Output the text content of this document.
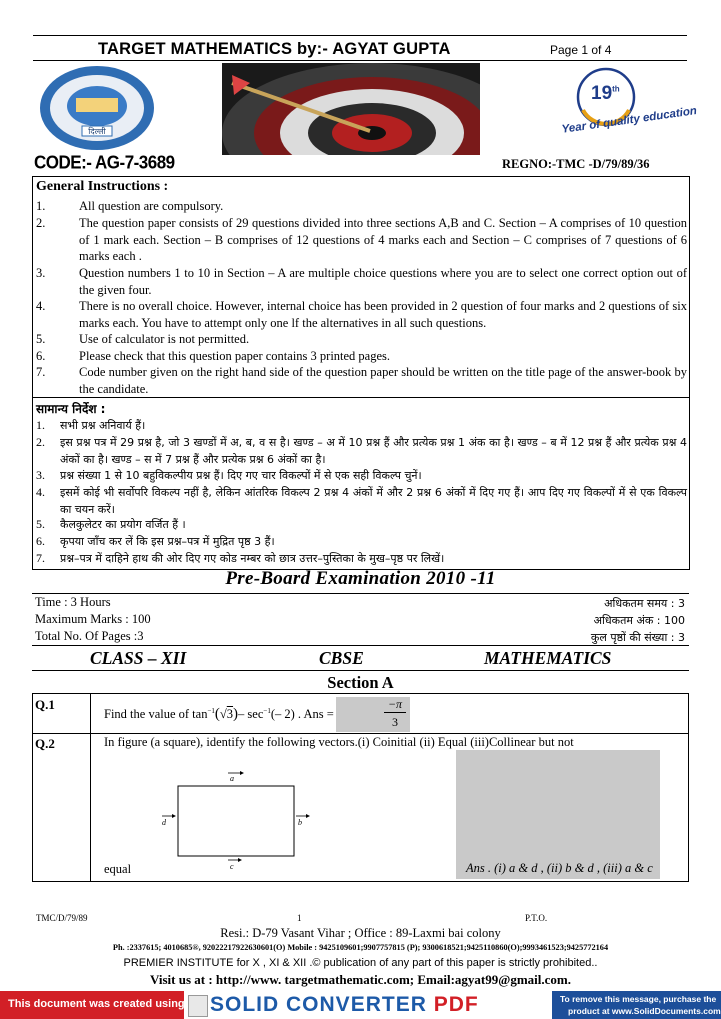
TARGET MATHEMATICS by:- AGYAT GUPTA	Page 1 of 4
दिल्ली
19th
Year of quality education
CODE:- AG-7-3689	REGNO:-TMC -D/79/89/36
General Instructions :
1.	All question are compulsory.
2.	The question paper consists of 29 questions divided into three sections A,B and C. Section – A comprises of 10 question of 1 mark each. Section – B comprises of 12 questions of 4 marks each and Section – C comprises of 7 questions of 6 marks each .
3.	Question numbers 1 to 10 in Section – A are multiple choice questions where you are to select one correct option out of the given four.
4.	There is no overall choice. However, internal choice has been provided in 2 question of four marks and 2 questions of six marks each. You have to attempt only one lf the alternatives in all such questions.
5.	Use of calculator is not permitted.
6.	Please check that this question paper contains 3 printed pages.
7.	Code number given on the right hand side of the question paper should be written on the title page of the answer-book by the candidate.
सामान्य निर्देश :
1. सभी प्रश्न अनिवार्य हैं।
2. इस प्रश्न पत्र में 29 प्रश्न है, जो 3 खण्डों में अ, ब, व स है। खण्ड – अ में 10 प्रश्न हैं और प्रत्येक प्रश्न 1 अंक का है। खण्ड – ब में 12 प्रश्न हैं और प्रत्येक प्रश्न 4 अंकों का है। खण्ड – स में 7 प्रश्न हैं और प्रत्येक प्रश्न 6 अंकों का है।
3. प्रश्न संख्या 1 से 10 बहुविकल्पीय प्रश्न हैं। दिए गए चार विकल्पों में से एक सही विकल्प चुनें।
4. इसमें कोई भी सर्वोपरि विकल्प नहीं है, लेकिन आंतरिक विकल्प 2 प्रश्न 4 अंकों में और 2 प्रश्न 6 अंकों में दिए गए हैं। आप दिए गए विकल्पों में से एक विकल्प का चयन करें।
5. कैलकुलेटर का प्रयोग वर्जित हैं ।
6. कृपया जाँच कर लें कि इस प्रश्न–पत्र में मुद्रित पृष्ठ 3 हैं।
7. प्रश्न–पत्र में दाहिने हाथ की ओर दिए गए कोड नम्बर को छात्र उत्तर–पुस्तिका के मुख–पृष्ठ पर लिखें।
Pre-Board Examination 2010 -11
Time : 3 Hours	अधिकतम समय : 3
Maximum Marks : 100	अधिकतम अंक : 100
Total No. Of Pages :3	कुल पृष्ठों की संख्या : 3
CLASS – XII	CBSE	MATHEMATICS
Section A
Q.1
Find the value of $\tan^{-1}(√3)-$ $\sec^{-1}(-$ 2) . Ans =
−π
3
Q.2	In figure (a square), identify the following vectors.(i) Coinitial (ii) Equal (iii)Collinear but not
a
d	b
c
equal	Ans . (i) a & d , (ii) b & d , (iii) a & c
TMC/D/79/89	1	P.T.O.
Resi.: D-79 Vasant Vihar ; Office : 89-Laxmi bai colony
Ph. :2337615; 4010685®, 92022217922630601(O) Mobile : 9425109601;9907757815 (P); 9300618521;9425110860(O);9993461523;9425772164
PREMIER INSTITUTE for X , XI & XII .© publication of any part of this paper is strictly prohibited..
Visit us at : http://www. targetmathematic.com; Email:agyat99@gmail.com.
This document was created using SOLID CONVERTER PDF	To remove this message, purchase the
product at www.SolidDocuments.com
